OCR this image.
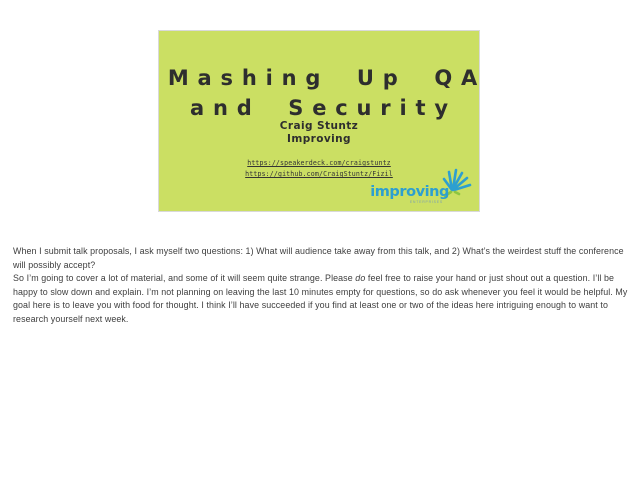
Mashing Up QA
and Security
Craig Stuntz
Improving
https://speakerdeck.com/craigstuntz
https://github.com/CraigStuntz/Fizil
improving
ENTERPRISES

When I submit talk proposals, I ask myself two questions: 1) What will audience take away from this talk, and 2) What’s the weirdest stuff the conference will possibly accept?

So I’m going to cover a lot of material, and some of it will seem quite strange. Please do feel free to raise your hand or just shout out a question. I’ll be happy to slow down and explain. I’m not planning on leaving the last 10 minutes empty for questions, so do ask whenever you feel it would be helpful. My goal here is to leave you with food for thought. I think I’ll have succeeded if you find at least one or two of the ideas here intriguing enough to want to research yourself next week.
